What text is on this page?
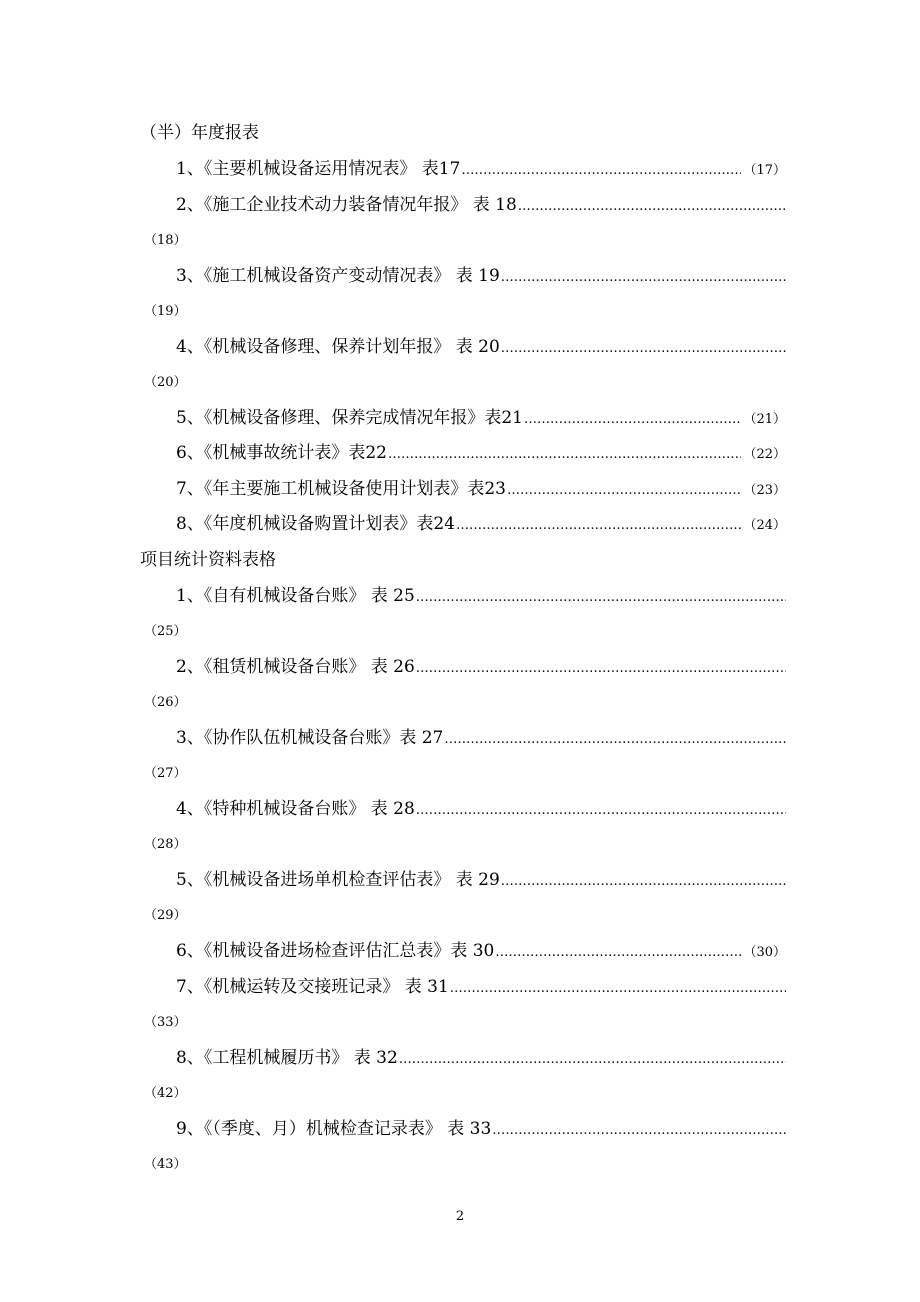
（半）年度报表
1、《主要机械设备运用情况表》 表17 ……………………………………………………………………………………………………………………………………………	（17）
2、《施工企业技术动力装备情况年报》 表 18
……………………………………………………………………………………………………………………………………………
（18）
3、《施工机械设备资产变动情况表》 表 19
……………………………………………………………………………………………………………………………………………
（19）
4、《机械设备修理、保养计划年报》 表 20
……………………………………………………………………………………………………………………………………………
（20）
5、《机械设备修理、保养完成情况年报》表21 ……………………………………………………………………………………………………………………………………………	（21）
6、《机械事故统计表》表22 ……………………………………………………………………………………………………………………………………………	（22）
7、《年主要施工机械设备使用计划表》表23 ……………………………………………………………………………………………………………………………………………	（23）
8、《年度机械设备购置计划表》表24 ……………………………………………………………………………………………………………………………………………	（24）
项目统计资料表格
1、《自有机械设备台账》 表 25
……………………………………………………………………………………………………………………………………………
（25）
2、《租赁机械设备台账》 表 26
……………………………………………………………………………………………………………………………………………
（26）
3、《协作队伍机械设备台账》表 27
……………………………………………………………………………………………………………………………………………
（27）
4、《特种机械设备台账》 表 28
……………………………………………………………………………………………………………………………………………
（28）
5、《机械设备进场单机检查评估表》 表 29
……………………………………………………………………………………………………………………………………………
（29）
6、《机械设备进场检查评估汇总表》表 30 ……………………………………………………………………………………………………………………………………………	（30）
7、《机械运转及交接班记录》 表 31
……………………………………………………………………………………………………………………………………………
（33）
8、《工程机械履历书》 表 32
……………………………………………………………………………………………………………………………………………
（42）
9、《（季度、月）机械检查记录表》 表 33
……………………………………………………………………………………………………………………………………………
（43）
2
